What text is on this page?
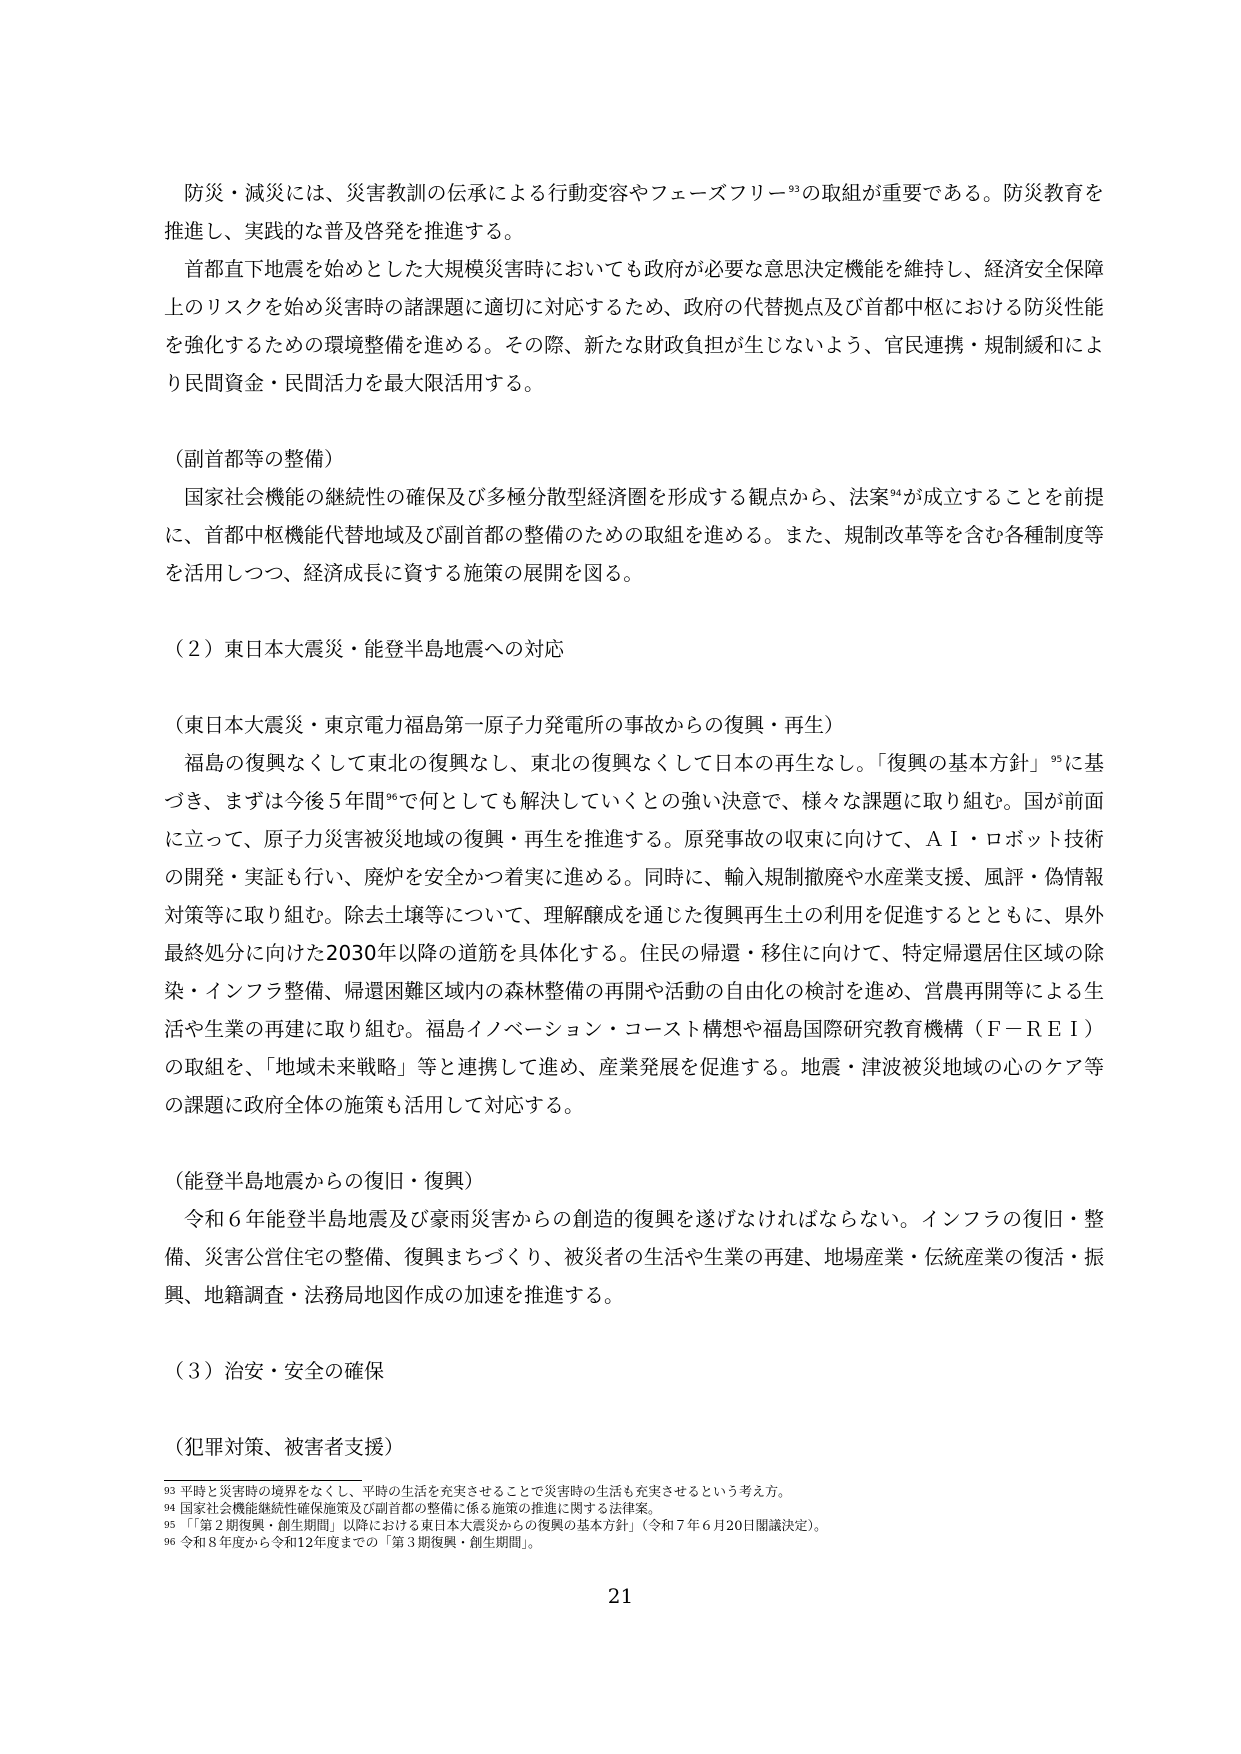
防災・減災には、災害教訓の伝承による行動変容やフェーズフリー$^{93}$の取組が重要である。防災教育を推進し、実践的な普及啓発を推進する。

首都直下地震を始めとした大規模災害時においても政府が必要な意思決定機能を維持し、経済安全保障上のリスクを始め災害時の諸課題に適切に対応するため、政府の代替拠点及び首都中枢における防災性能を強化するための環境整備を進める。その際、新たな財政負担が生じないよう、官民連携・規制緩和により民間資金・民間活力を最大限活用する。

（副首都等の整備）

国家社会機能の継続性の確保及び多極分散型経済圏を形成する観点から、法案$^{94}$が成立することを前提に、首都中枢機能代替地域及び副首都の整備のための取組を進める。また、規制改革等を含む各種制度等を活用しつつ、経済成長に資する施策の展開を図る。

（２）東日本大震災・能登半島地震への対応

（東日本大震災・東京電力福島第一原子力発電所の事故からの復興・再生）

福島の復興なくして東北の復興なし、東北の復興なくして日本の再生なし。「復興の基本方針」$^{95}$に基づき、まずは今後５年間$^{96}$で何としても解決していくとの強い決意で、様々な課題に取り組む。国が前面に立って、原子力災害被災地域の復興・再生を推進する。原発事故の収束に向けて、ＡＩ・ロボット技術の開発・実証も行い、廃炉を安全かつ着実に進める。同時に、輸入規制撤廃や水産業支援、風評・偽情報対策等に取り組む。除去土壌等について、理解醸成を通じた復興再生土の利用を促進するとともに、県外最終処分に向けた2030年以降の道筋を具体化する。住民の帰還・移住に向けて、特定帰還居住区域の除染・インフラ整備、帰還困難区域内の森林整備の再開や活動の自由化の検討を進め、営農再開等による生活や生業の再建に取り組む。福島イノベーション・コースト構想や福島国際研究教育機構（Ｆ－ＲＥＩ）の取組を、「地域未来戦略」等と連携して進め、産業発展を促進する。地震・津波被災地域の心のケア等の課題に政府全体の施策も活用して対応する。

（能登半島地震からの復旧・復興）

令和６年能登半島地震及び豪雨災害からの創造的復興を遂げなければならない。インフラの復旧・整備、災害公営住宅の整備、復興まちづくり、被災者の生活や生業の再建、地場産業・伝統産業の復活・振興、地籍調査・法務局地図作成の加速を推進する。

（３）治安・安全の確保

（犯罪対策、被害者支援）

93 平時と災害時の境界をなくし、平時の生活を充実させることで災害時の生活も充実させるという考え方。

94 国家社会機能継続性確保施策及び副首都の整備に係る施策の推進に関する法律案。

95 「「第２期復興・創生期間」以降における東日本大震災からの復興の基本方針」（令和７年６月20日閣議決定）。

96 令和８年度から令和12年度までの「第３期復興・創生期間」。

21
